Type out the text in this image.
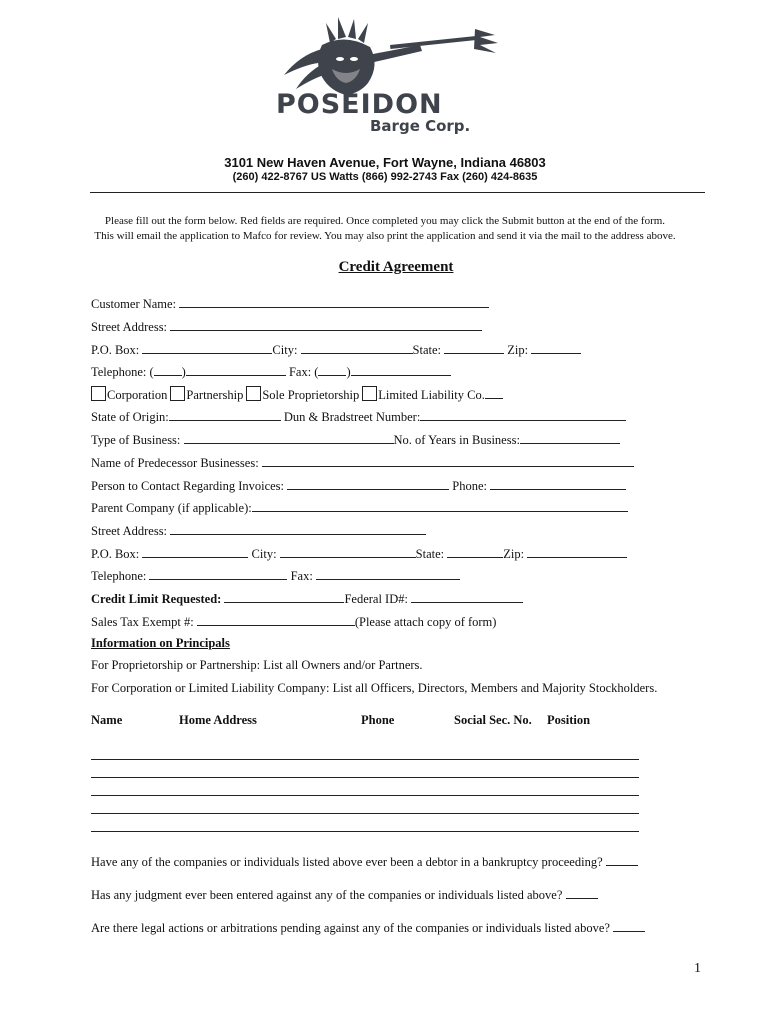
POSEIDON
Barge Corp.
3101 New Haven Avenue, Fort Wayne, Indiana 46803
(260) 422-8767 US Watts (866) 992-2743 Fax (260) 424-8635
Please fill out the form below. Red fields are required. Once completed you may click the Submit button at the end of the form.
This will email the application to Mafco for review. You may also print the application and send it via the mail to the address above.
Credit Agreement
Customer Name:
Street Address:
P.O. Box:	City:	State:	Zip:
Telephone: ( )	Fax: ( )
Corporation Partnership Sole Proprietorship Limited Liability Co.
State of Origin:	Dun & Bradstreet Number:
Type of Business:	No. of Years in Business:
Name of Predecessor Businesses:
Person to Contact Regarding Invoices:	Phone:
Parent Company (if applicable):
Street Address:
P.O. Box:	City:	State:	Zip:
Telephone:	Fax:
Credit Limit Requested:	Federal ID#:
Sales Tax Exempt #:	(Please attach copy of form)
Information on Principals
For Proprietorship or Partnership: List all Owners and/or Partners.
For Corporation or Limited Liability Company: List all Officers, Directors, Members and Majority Stockholders.
Name	Home Address	Phone	Social Sec. No. Position
Have any of the companies or individuals listed above ever been a debtor in a bankruptcy proceeding?
Has any judgment ever been entered against any of the companies or individuals listed above?
Are there legal actions or arbitrations pending against any of the companies or individuals listed above?
1
